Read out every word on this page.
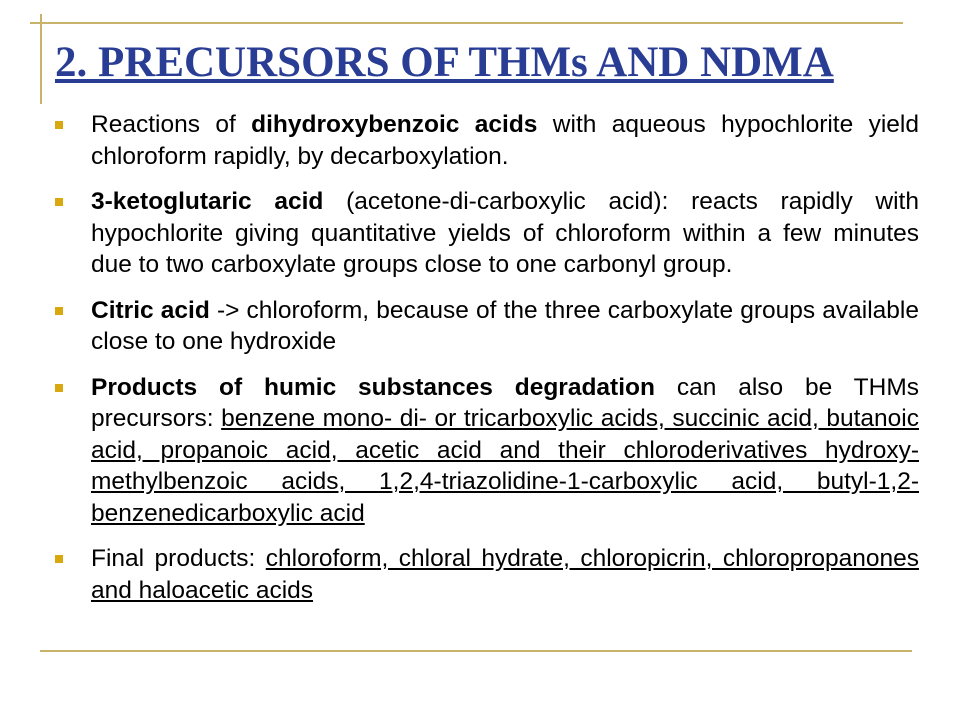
2. PRECURSORS OF THMs AND NDMA
Reactions of dihydroxybenzoic acids with aqueous hypochlorite yield chloroform rapidly, by decarboxylation.
3-ketoglutaric acid (acetone-di-carboxylic acid): reacts rapidly with hypochlorite giving quantitative yields of chloroform within a few minutes due to two carboxylate groups close to one carbonyl group.
Citric acid -> chloroform, because of the three carboxylate groups available close to one hydroxide
Products of humic substances degradation can also be THMs precursors: benzene mono- di- or tricarboxylic acids, succinic acid, butanoic acid, propanoic acid, acetic acid and their chloroderivatives hydroxy-methylbenzoic acids, 1,2,4-triazolidine-1-carboxylic acid, butyl-1,2-benzenedicarboxylic acid
Final products: chloroform, chloral hydrate, chloropicrin, chloropropanones and haloacetic acids
